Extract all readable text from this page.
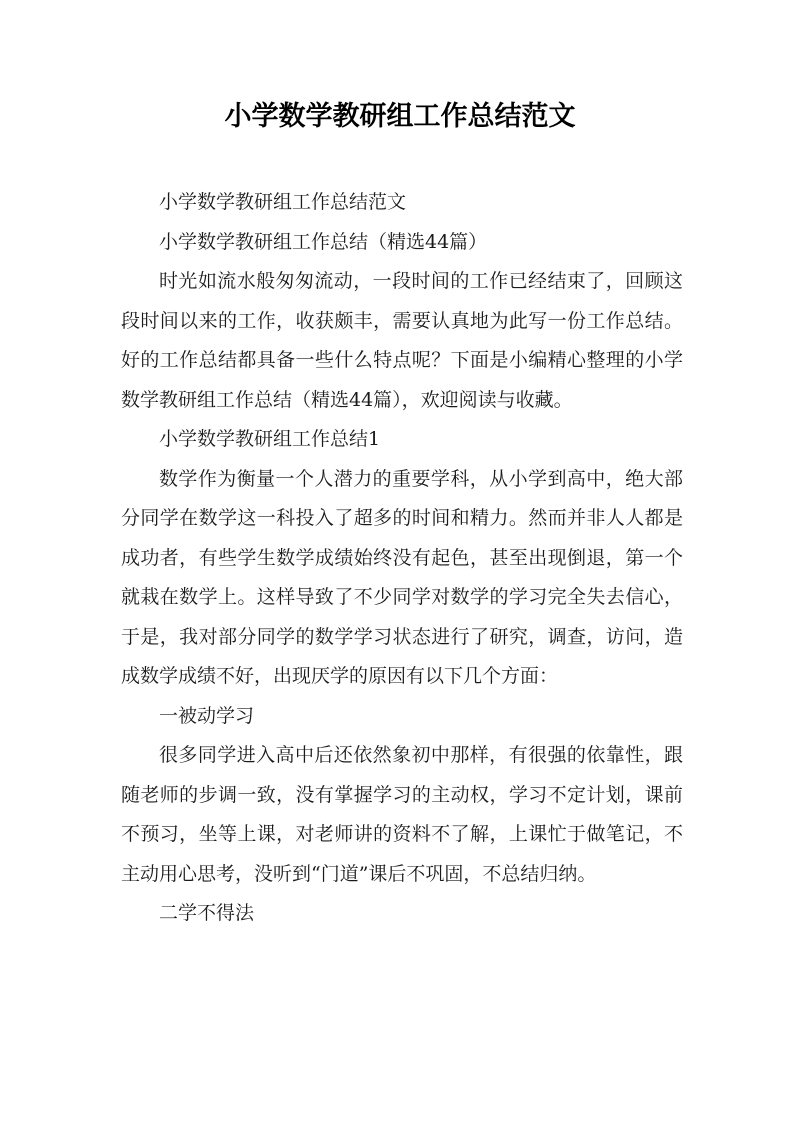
小学数学教研组工作总结范文

小学数学教研组工作总结范文

小学数学教研组工作总结（精选44篇）

时光如流水般匆匆流动，一段时间的工作已经结束了，回顾这段时间以来的工作，收获颇丰，需要认真地为此写一份工作总结。好的工作总结都具备一些什么特点呢？下面是小编精心整理的小学数学教研组工作总结（精选44篇），欢迎阅读与收藏。

小学数学教研组工作总结1

数学作为衡量一个人潜力的重要学科，从小学到高中，绝大部分同学在数学这一科投入了超多的时间和精力。然而并非人人都是成功者，有些学生数学成绩始终没有起色，甚至出现倒退，第一个就栽在数学上。这样导致了不少同学对数学的学习完全失去信心，于是，我对部分同学的数学学习状态进行了研究，调查，访问，造成数学成绩不好，出现厌学的原因有以下几个方面：

一被动学习

很多同学进入高中后还依然象初中那样，有很强的依靠性，跟随老师的步调一致，没有掌握学习的主动权，学习不定计划，课前不预习，坐等上课，对老师讲的资料不了解，上课忙于做笔记，不主动用心思考，没听到“门道”课后不巩固，不总结归纳。

二学不得法
